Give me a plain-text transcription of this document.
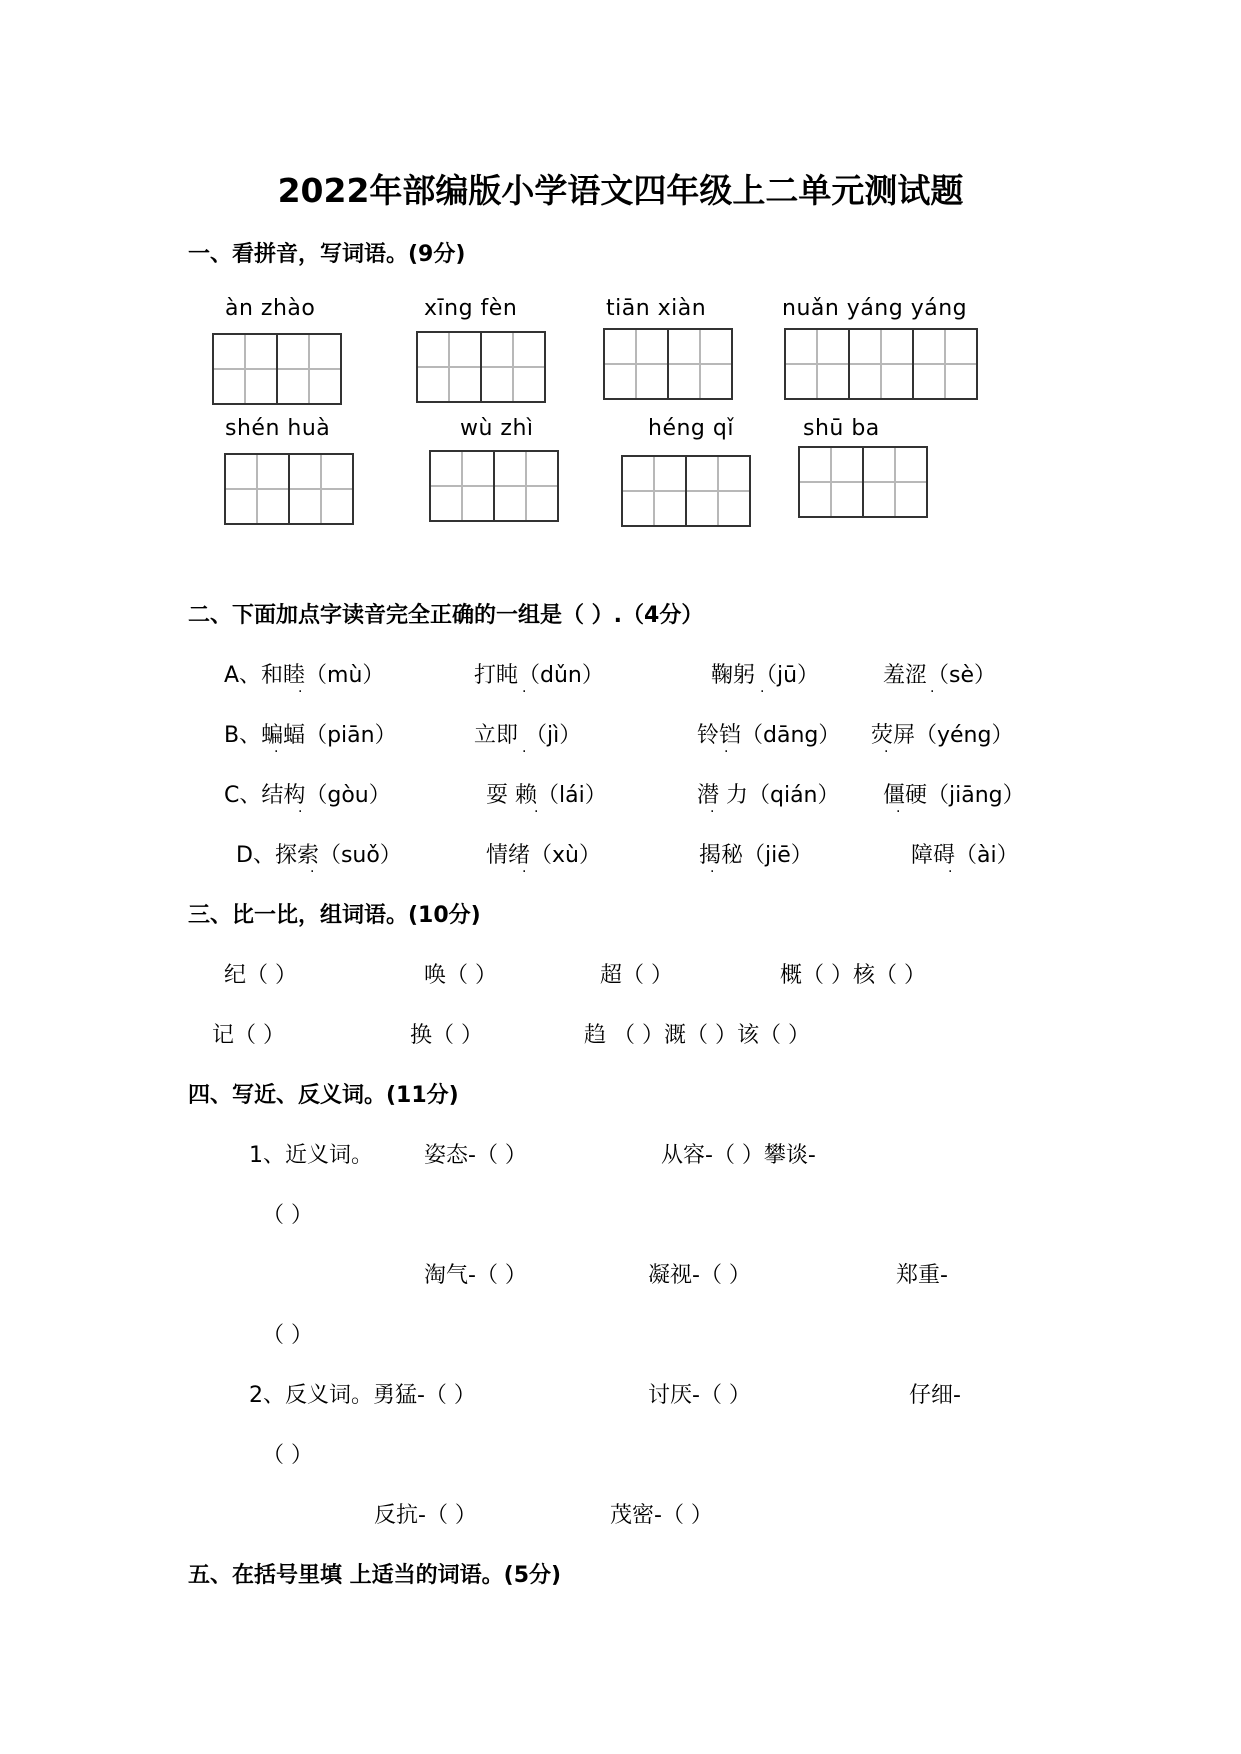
2022年部编版小学语文四年级上二单元测试题
一、看拼音，写词语。(9分)
àn zhào	xīng fèn	tiān xiàn	nuǎn yáng yáng
shén huà	wù zhì	héng qǐ	shū ba
二、下面加点字读音完全正确的一组是（ ）.（4分）
A、和睦（mù）	打盹（dǔn）	鞠躬（jū）	羞涩（sè）
B、蝙蝠（piān）	立即 （jì）	铃铛（dāng） 荧屏（yéng）
C、结构（gòu）	耍 赖（lái）	潜 力（qián） 僵硬（jiāng）
D、探索（suǒ）	情绪（xù）	揭秘（jiē）	障碍（ài）
·	·	·	·
·	·	·	·
·	·	·	·
·	·	·	·
三、比一比，组词语。(10分)
纪（ ）	唤（ ）	超（ ）	概（ ）核（ ）
记（ ）	换（ ）	趋 （ ）溉（ ）该（ ）
四、写近、反义词。(11分)
1、近义词。 姿态-（ ）	从容-（ ）攀谈-
（ ）
淘气-（ ）	凝视-（ ）	郑重-
（ ）
2、反义词。勇猛-（ ）	讨厌-（ ）	仔细-
（ ）
反抗-（ ）	茂密-（ ）
五、在括号里填 上适当的词语。(5分)
